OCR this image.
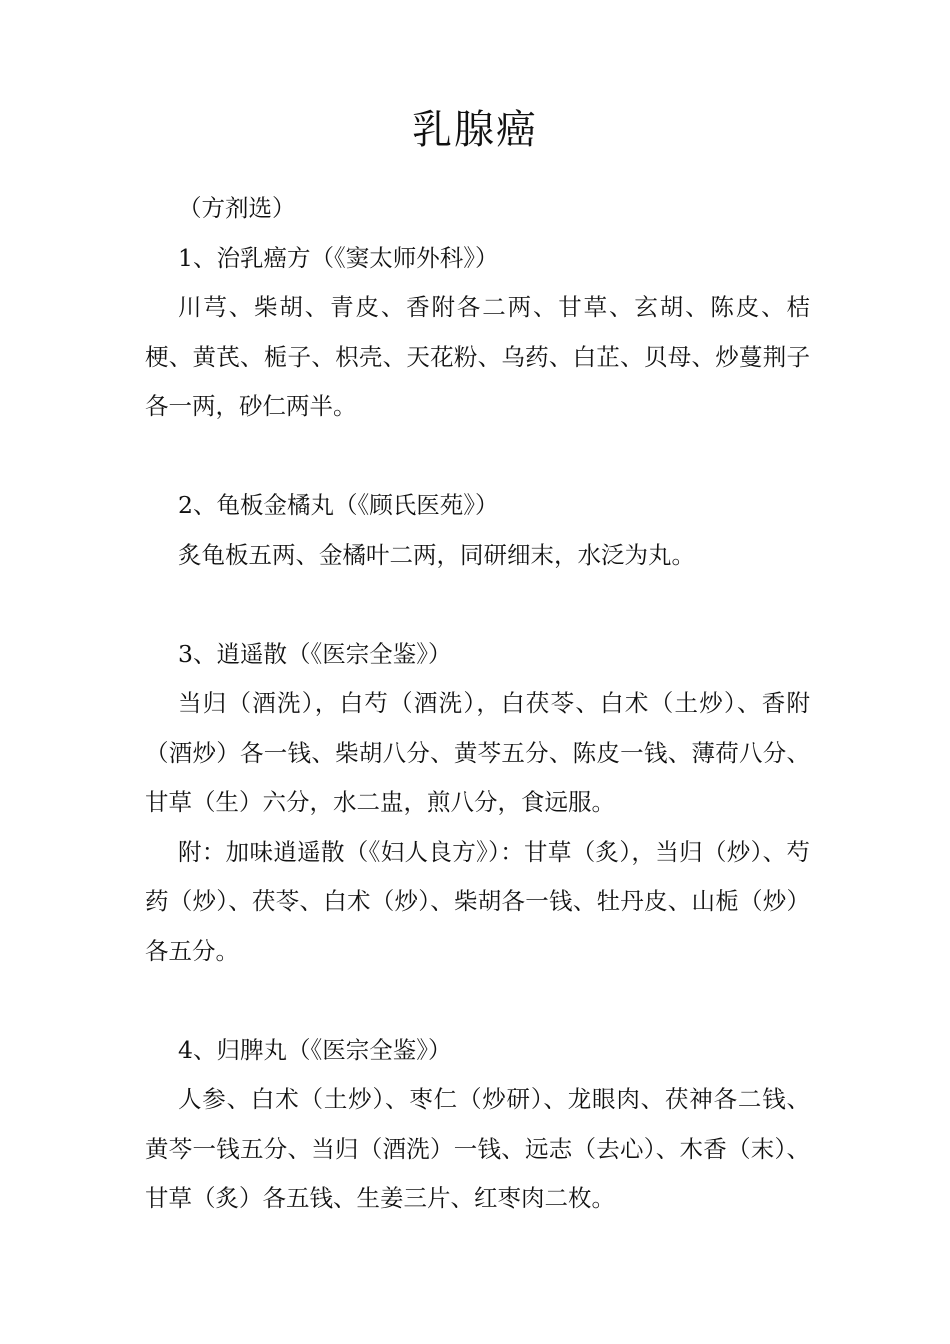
乳腺癌

（方剂选）

1、治乳癌方（《窦太师外科》）

川芎、柴胡、青皮、香附各二两、甘草、玄胡、陈皮、桔梗、黄芪、栀子、枳壳、天花粉、乌药、白芷、贝母、炒蔓荆子各一两，砂仁两半。

2、龟板金橘丸（《顾氏医苑》）

炙龟板五两、金橘叶二两，同研细末，水泛为丸。

3、逍遥散（《医宗全鉴》）

当归（酒洗），白芍（酒洗），白茯苓、白术（土炒）、香附（酒炒）各一钱、柴胡八分、黄芩五分、陈皮一钱、薄荷八分、甘草（生）六分，水二盅，煎八分，食远服。

附：加味逍遥散（《妇人良方》）：甘草（炙），当归（炒）、芍药（炒）、茯苓、白术（炒）、柴胡各一钱、牡丹皮、山栀（炒）各五分。

4、归脾丸（《医宗全鉴》）

人参、白术（土炒）、枣仁（炒研）、龙眼肉、茯神各二钱、黄芩一钱五分、当归（酒洗）一钱、远志（去心）、木香（末）、甘草（炙）各五钱、生姜三片、红枣肉二枚。
